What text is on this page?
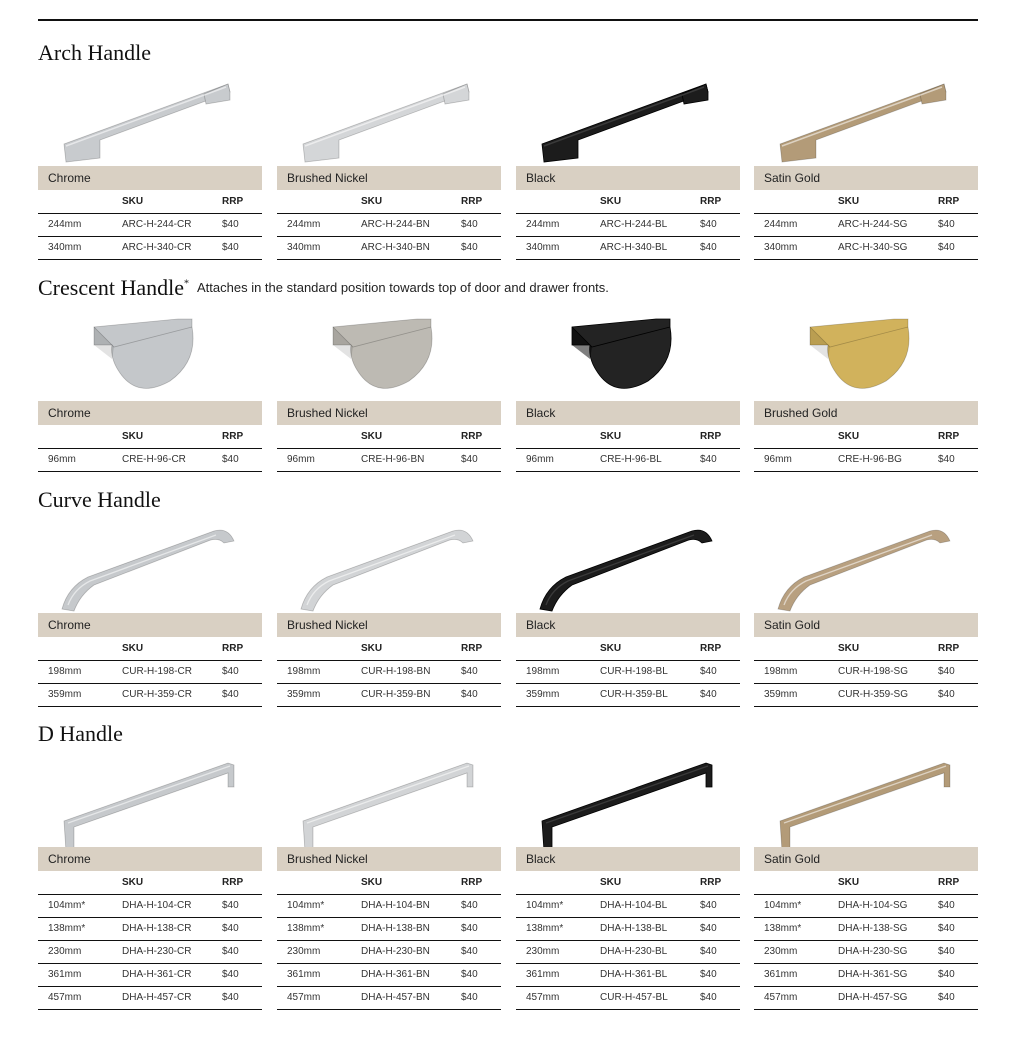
Arch Handle
Chrome
	SKU	RRP
244mm	ARC-H-244-CR	$40
340mm	ARC-H-340-CR	$40
Brushed Nickel
	SKU	RRP
244mm	ARC-H-244-BN	$40
340mm	ARC-H-340-BN	$40
Black
	SKU	RRP
244mm	ARC-H-244-BL	$40
340mm	ARC-H-340-BL	$40
Satin Gold
	SKU	RRP
244mm	ARC-H-244-SG	$40
340mm	ARC-H-340-SG	$40
Crescent Handle* Attaches in the standard position towards top of door and drawer fronts.
Chrome
	SKU	RRP
96mm	CRE-H-96-CR	$40
Brushed Nickel
	SKU	RRP
96mm	CRE-H-96-BN	$40
Black
	SKU	RRP
96mm	CRE-H-96-BL	$40
Brushed Gold
	SKU	RRP
96mm	CRE-H-96-BG	$40
Curve Handle
Chrome
	SKU	RRP
198mm	CUR-H-198-CR	$40
359mm	CUR-H-359-CR	$40
Brushed Nickel
	SKU	RRP
198mm	CUR-H-198-BN	$40
359mm	CUR-H-359-BN	$40
Black
	SKU	RRP
198mm	CUR-H-198-BL	$40
359mm	CUR-H-359-BL	$40
Satin Gold
	SKU	RRP
198mm	CUR-H-198-SG	$40
359mm	CUR-H-359-SG	$40
D Handle
Chrome
	SKU	RRP
104mm*	DHA-H-104-CR	$40
138mm*	DHA-H-138-CR	$40
230mm	DHA-H-230-CR	$40
361mm	DHA-H-361-CR	$40
457mm	DHA-H-457-CR	$40
Brushed Nickel
	SKU	RRP
104mm*	DHA-H-104-BN	$40
138mm*	DHA-H-138-BN	$40
230mm	DHA-H-230-BN	$40
361mm	DHA-H-361-BN	$40
457mm	DHA-H-457-BN	$40
Black
	SKU	RRP
104mm*	DHA-H-104-BL	$40
138mm*	DHA-H-138-BL	$40
230mm	DHA-H-230-BL	$40
361mm	DHA-H-361-BL	$40
457mm	CUR-H-457-BL	$40
Satin Gold
	SKU	RRP
104mm*	DHA-H-104-SG	$40
138mm*	DHA-H-138-SG	$40
230mm	DHA-H-230-SG	$40
361mm	DHA-H-361-SG	$40
457mm	DHA-H-457-SG	$40
